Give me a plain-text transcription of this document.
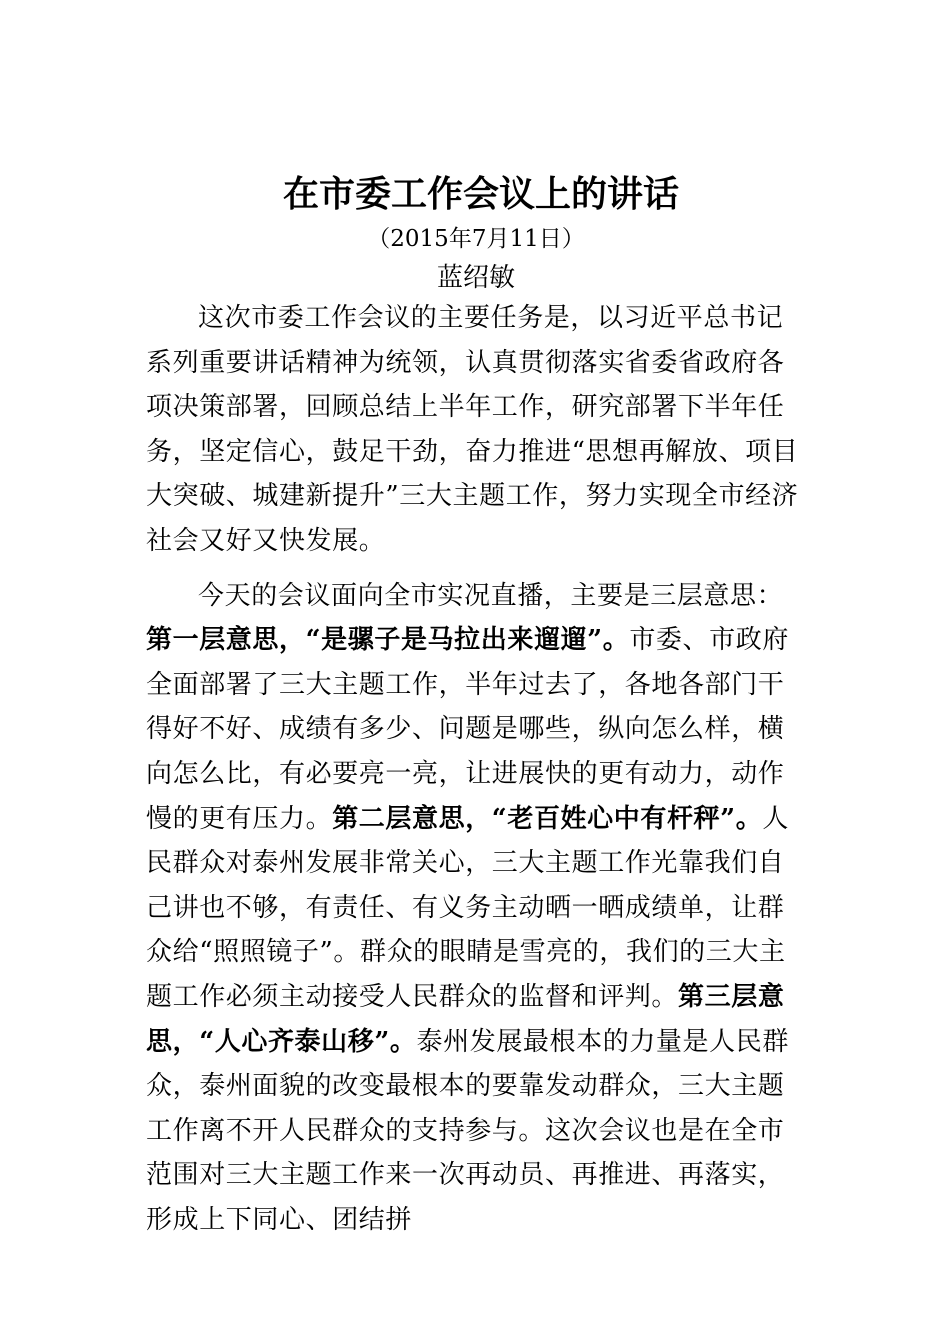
在市委工作会议上的讲话
（2015年7月11日）
蓝绍敏

这次市委工作会议的主要任务是，以习近平总书记系列重要讲话精神为统领，认真贯彻落实省委省政府各项决策部署，回顾总结上半年工作，研究部署下半年任务，坚定信心，鼓足干劲，奋力推进“思想再解放、项目大突破、城建新提升”三大主题工作，努力实现全市经济社会又好又快发展。

今天的会议面向全市实况直播，主要是三层意思：第一层意思，“是骡子是马拉出来遛遛”。市委、市政府全面部署了三大主题工作，半年过去了，各地各部门干得好不好、成绩有多少、问题是哪些，纵向怎么样，横向怎么比，有必要亮一亮，让进展快的更有动力，动作慢的更有压力。第二层意思，“老百姓心中有杆秤”。人民群众对泰州发展非常关心，三大主题工作光靠我们自己讲也不够，有责任、有义务主动晒一晒成绩单，让群众给“照照镜子”。群众的眼睛是雪亮的，我们的三大主题工作必须主动接受人民群众的监督和评判。第三层意思，“人心齐泰山移”。泰州发展最根本的力量是人民群众，泰州面貌的改变最根本的要靠发动群众，三大主题工作离不开人民群众的支持参与。这次会议也是在全市范围对三大主题工作来一次再动员、再推进、再落实，形成上下同心、团结拼
